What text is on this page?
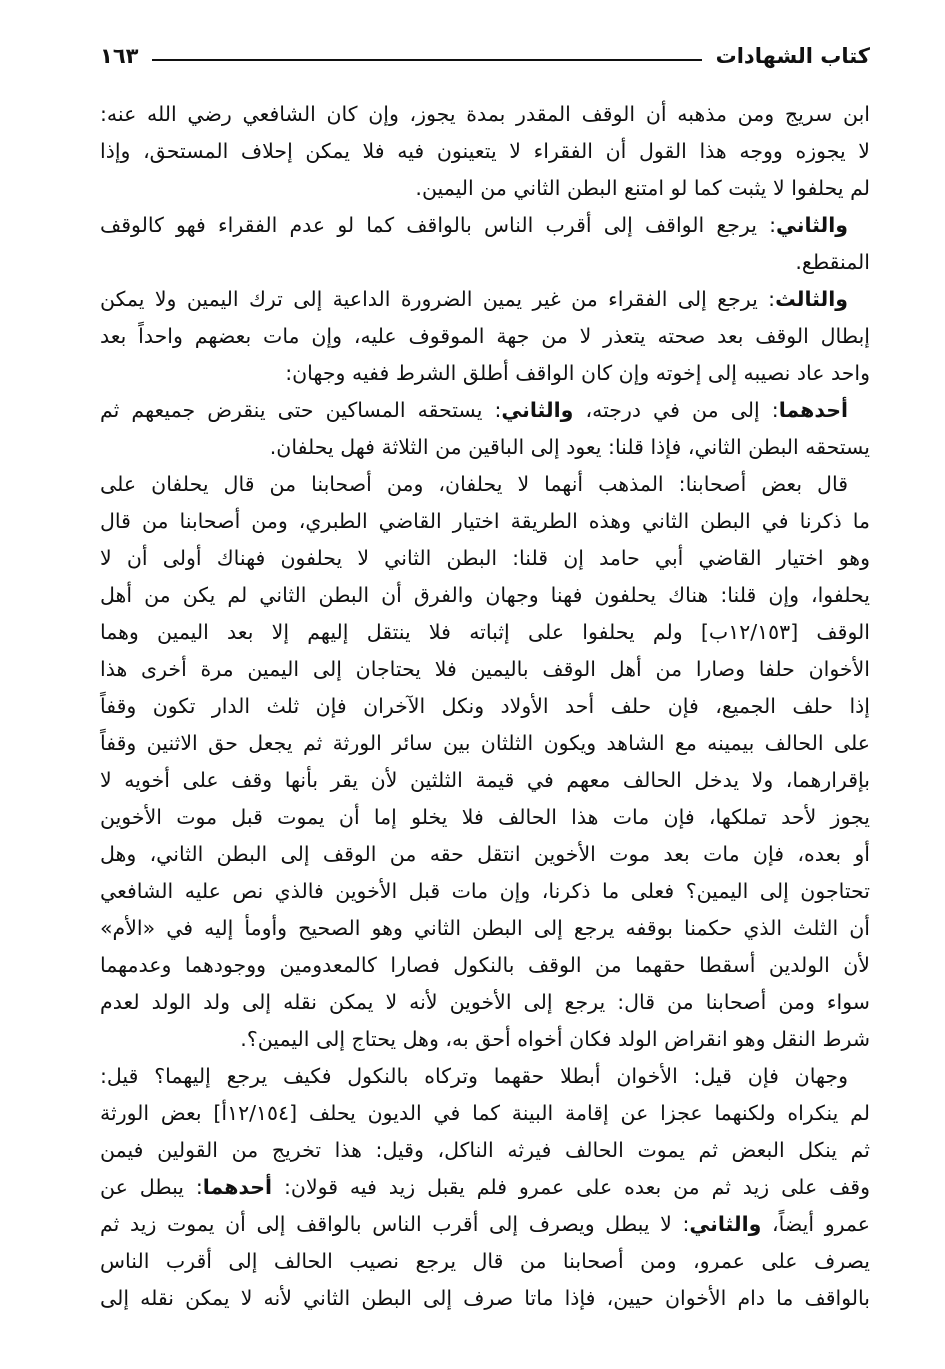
كتاب الشهادات
١٦٣
ابن سريج ومن مذهبه أن الوقف المقدر بمدة يجوز، وإن كان الشافعي رضي الله عنه:
لا يجوزه ووجه هذا القول أن الفقراء لا يتعينون فيه فلا يمكن إحلاف المستحق، وإذا
لم يحلفوا لا يثبت كما لو امتنع البطن الثاني من اليمين.
والثاني: يرجع الواقف إلى أقرب الناس بالواقف كما لو عدم الفقراء فهو كالوقف
المنقطع.
والثالث: يرجع إلى الفقراء من غير يمين الضرورة الداعية إلى ترك اليمين ولا يمكن
إبطال الوقف بعد صحته يتعذر لا من جهة الموقوف عليه، وإن مات بعضهم واحداً بعد
واحد عاد نصيبه إلى إخوته وإن كان الواقف أطلق الشرط ففيه وجهان:
أحدهما: إلى من في درجته، والثاني: يستحقه المساكين حتى ينقرض جميعهم ثم
يستحقه البطن الثاني، فإذا قلنا: يعود إلى الباقين من الثلاثة فهل يحلفان.
قال بعض أصحابنا: المذهب أنهما لا يحلفان، ومن أصحابنا من قال يحلفان على
ما ذكرنا في البطن الثاني وهذه الطريقة اختيار القاضي الطبري، ومن أصحابنا من قال
وهو اختيار القاضي أبي حامد إن قلنا: البطن الثاني لا يحلفون فهناك أولى أن لا
يحلفوا، وإن قلنا: هناك يحلفون فهنا وجهان والفرق أن البطن الثاني لم يكن من أهل
الوقف [١٢/١٥٣ب] ولم يحلفوا على إثباته فلا ينتقل إليهم إلا بعد اليمين وهما
الأخوان حلفا وصارا من أهل الوقف باليمين فلا يحتاجان إلى اليمين مرة أخرى هذا
إذا حلف الجميع، فإن حلف أحد الأولاد ونكل الآخران فإن ثلث الدار تكون وقفاً
على الحالف بيمينه مع الشاهد ويكون الثلثان بين سائر الورثة ثم يجعل حق الاثنين وقفاً
بإقرارهما، ولا يدخل الحالف معهم في قيمة الثلثين لأن يقر بأنها وقف على أخويه لا
يجوز لأحد تملكها، فإن مات هذا الحالف فلا يخلو إما أن يموت قبل موت الأخوين
أو بعده، فإن مات بعد موت الأخوين انتقل حقه من الوقف إلى البطن الثاني، وهل
تحتاجون إلى اليمين؟ فعلى ما ذكرنا، وإن مات قبل الأخوين فالذي نص عليه الشافعي
أن الثلث الذي حكمنا بوقفه يرجع إلى البطن الثاني وهو الصحيح وأومأ إليه في «الأم»
لأن الولدين أسقطا حقهما من الوقف بالنكول فصارا كالمعدومين ووجودهما وعدمهما
سواء ومن أصحابنا من قال: يرجع إلى الأخوين لأنه لا يمكن نقله إلى ولد الولد لعدم
شرط النقل وهو انقراض الولد فكان أخواه أحق به، وهل يحتاج إلى اليمين؟.
وجهان فإن قيل: الأخوان أبطلا حقهما وتركاه بالنكول فكيف يرجع إليهما؟ قيل:
لم ينكراه ولكنهما عجزا عن إقامة البينة كما في الديون يحلف [١٢/١٥٤أ] بعض الورثة
ثم ينكل البعض ثم يموت الحالف فيرثه الناكل، وقيل: هذا تخريج من القولين فيمن
وقف على زيد ثم من بعده على عمرو فلم يقبل زيد فيه قولان: أحدهما: يبطل عن
عمرو أيضاً، والثاني: لا يبطل ويصرف إلى أقرب الناس بالواقف إلى أن يموت زيد ثم
يصرف على عمرو، ومن أصحابنا من قال يرجع نصيب الحالف إلى أقرب الناس
بالواقف ما دام الأخوان حيين، فإذا ماتا صرف إلى البطن الثاني لأنه لا يمكن نقله إلى
